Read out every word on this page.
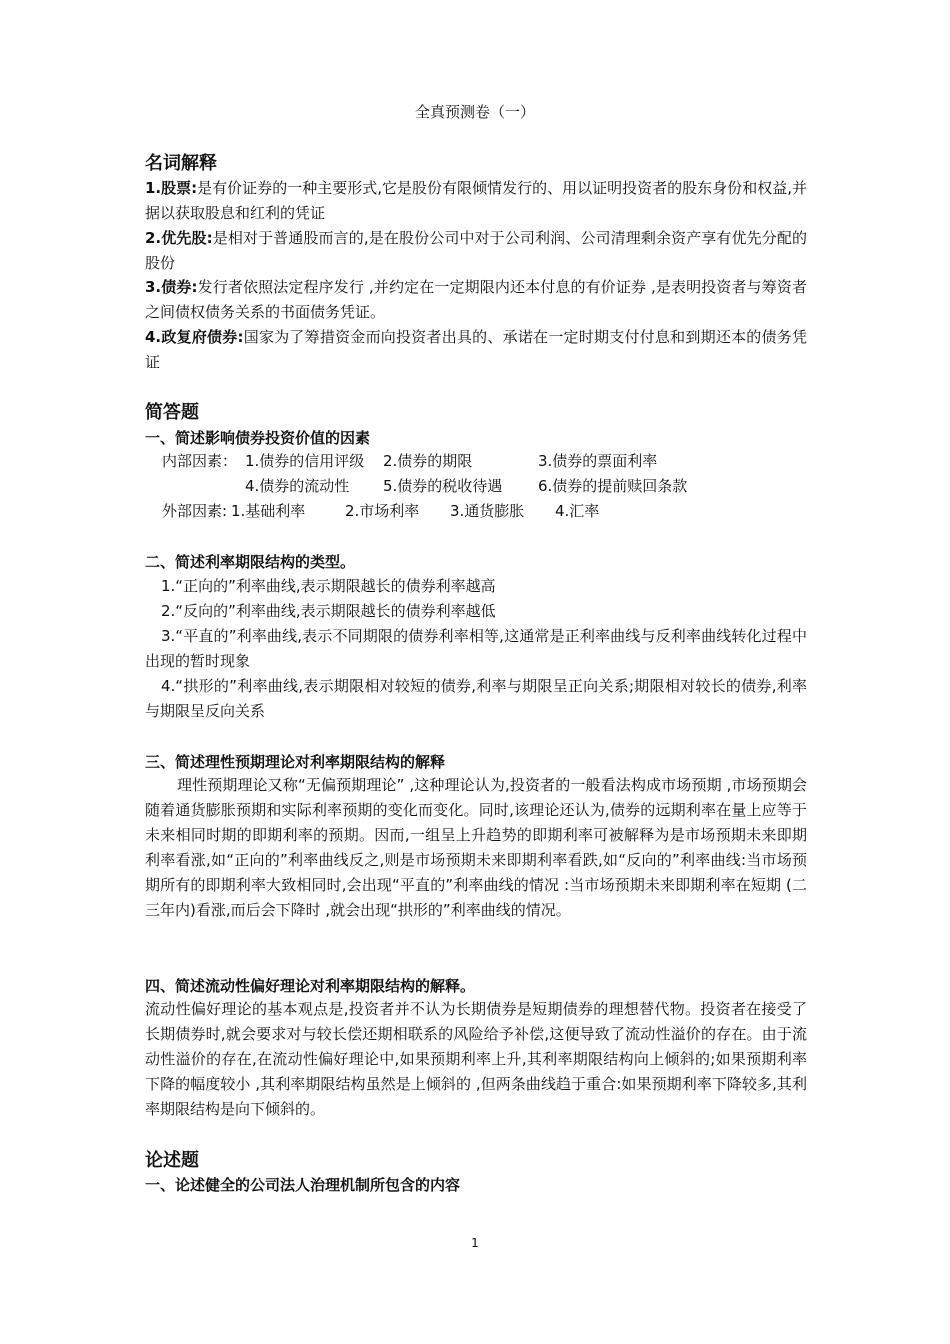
全真预测卷（一）
名词解释
1.股票:是有价证券的一种主要形式,它是股份有限倾情发行的、用以证明投资者的股东身份和权益,并据以获取股息和红利的凭证
2.优先股:是相对于普通股而言的,是在股份公司中对于公司利润、公司清理剩余资产享有优先分配的股份
3.债券:发行者依照法定程序发行 ,并约定在一定期限内还本付息的有价证券 ,是表明投资者与筹资者之间债权债务关系的书面债务凭证。
4.政复府债券:国家为了筹措资金而向投资者出具的、承诺在一定时期支付付息和到期还本的债务凭证
简答题
一、简述影响债券投资价值的因素
内部因素： 1.债券的信用评级 2.债券的期限	3.债券的票面利率
4.债券的流动性 5.债券的税收待遇 6.债券的提前赎回条款
外部因素: 1.基础利率	2.市场利率 3.通货膨胀 4.汇率
二、简述利率期限结构的类型。
1.“正向的”利率曲线,表示期限越长的债券利率越高
2.“反向的”利率曲线,表示期限越长的债券利率越低
3.“平直的”利率曲线,表示不同期限的债券利率相等,这通常是正利率曲线与反利率曲线转化过程中出现的暂时现象
4.“拱形的”利率曲线,表示期限相对较短的债券,利率与期限呈正向关系;期限相对较长的债券,利率与期限呈反向关系
三、简述理性预期理论对利率期限结构的解释
理性预期理论又称“无偏预期理论” ,这种理论认为,投资者的一般看法构成市场预期 ,市场预期会随着通货膨胀预期和实际利率预期的变化而变化。同时,该理论还认为,债券的远期利率在量上应等于未来相同时期的即期利率的预期。因而,一组呈上升趋势的即期利率可被解释为是市场预期未来即期利率看涨,如“正向的”利率曲线反之,则是市场预期未来即期利率看跌,如“反向的”利率曲线:当市场预期所有的即期利率大致相同时,会出现“平直的”利率曲线的情况 :当市场预期未来即期利率在短期 (二三年内)看涨,而后会下降时 ,就会出现“拱形的”利率曲线的情况。
四、简述流动性偏好理论对利率期限结构的解释。
流动性偏好理论的基本观点是,投资者并不认为长期债券是短期债券的理想替代物。投资者在接受了长期债券时,就会要求对与较长偿还期相联系的风险给予补偿,这便导致了流动性溢价的存在。由于流动性溢价的存在,在流动性偏好理论中,如果预期利率上升,其利率期限结构向上倾斜的;如果预期利率下降的幅度较小 ,其利率期限结构虽然是上倾斜的 ,但两条曲线趋于重合:如果预期利率下降较多,其利率期限结构是向下倾斜的。
论述题
一、论述健全的公司法人治理机制所包含的内容
1
